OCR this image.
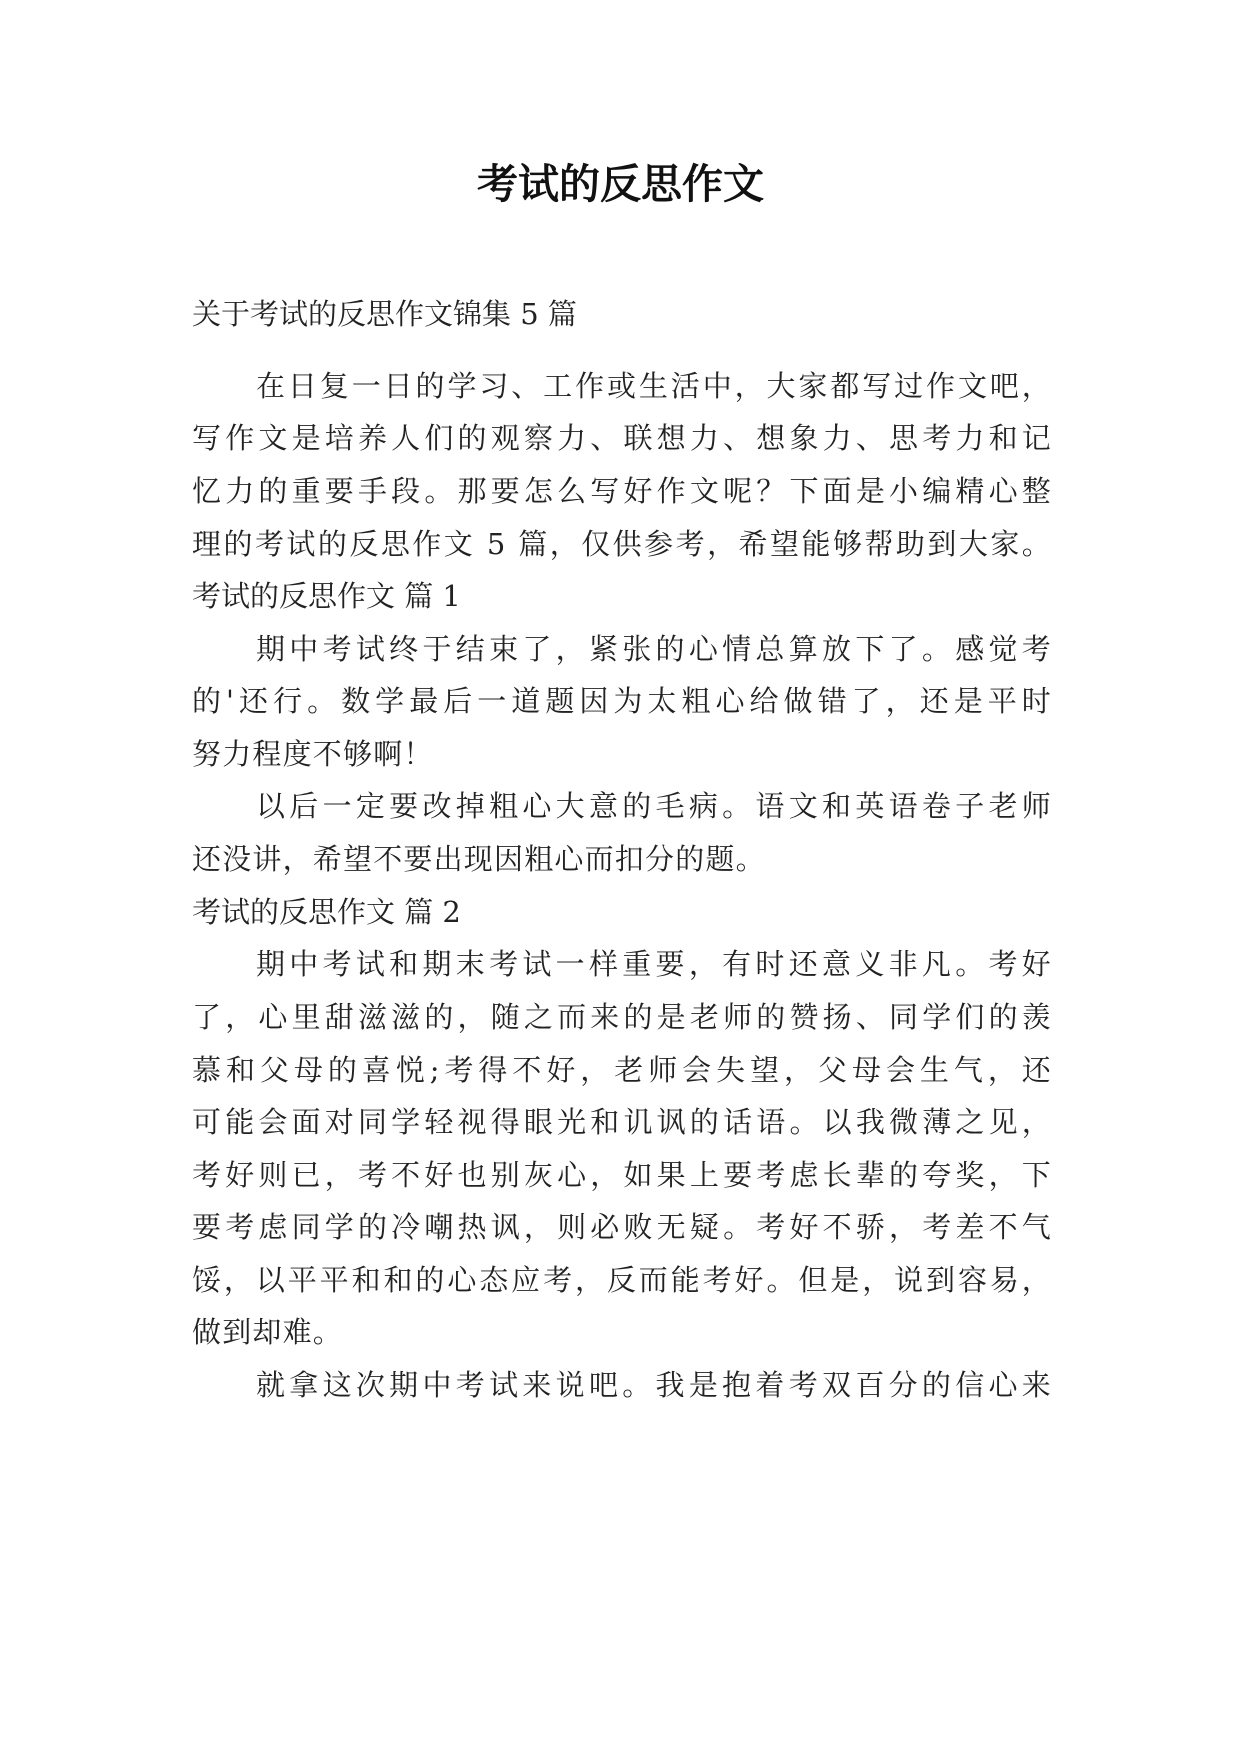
考试的反思作文

关于考试的反思作文锦集 5 篇

在日复一日的学习、工作或生活中，大家都写过作文吧，

写作文是培养人们的观察力、联想力、想象力、思考力和记

忆力的重要手段。那要怎么写好作文呢？下面是小编精心整

理的考试的反思作文 5 篇，仅供参考，希望能够帮助到大家。

考试的反思作文 篇 1

期中考试终于结束了，紧张的心情总算放下了。感觉考

的'还行。数学最后一道题因为太粗心给做错了，还是平时

努力程度不够啊！

以后一定要改掉粗心大意的毛病。语文和英语卷子老师

还没讲，希望不要出现因粗心而扣分的题。

考试的反思作文 篇 2

期中考试和期末考试一样重要，有时还意义非凡。考好

了，心里甜滋滋的，随之而来的是老师的赞扬、同学们的羡

慕和父母的喜悦;考得不好，老师会失望，父母会生气，还

可能会面对同学轻视得眼光和讥讽的话语。以我微薄之见，

考好则已，考不好也别灰心，如果上要考虑长辈的夸奖，下

要考虑同学的冷嘲热讽，则必败无疑。考好不骄，考差不气

馁，以平平和和的心态应考，反而能考好。但是，说到容易，

做到却难。

就拿这次期中考试来说吧。我是抱着考双百分的信心来
